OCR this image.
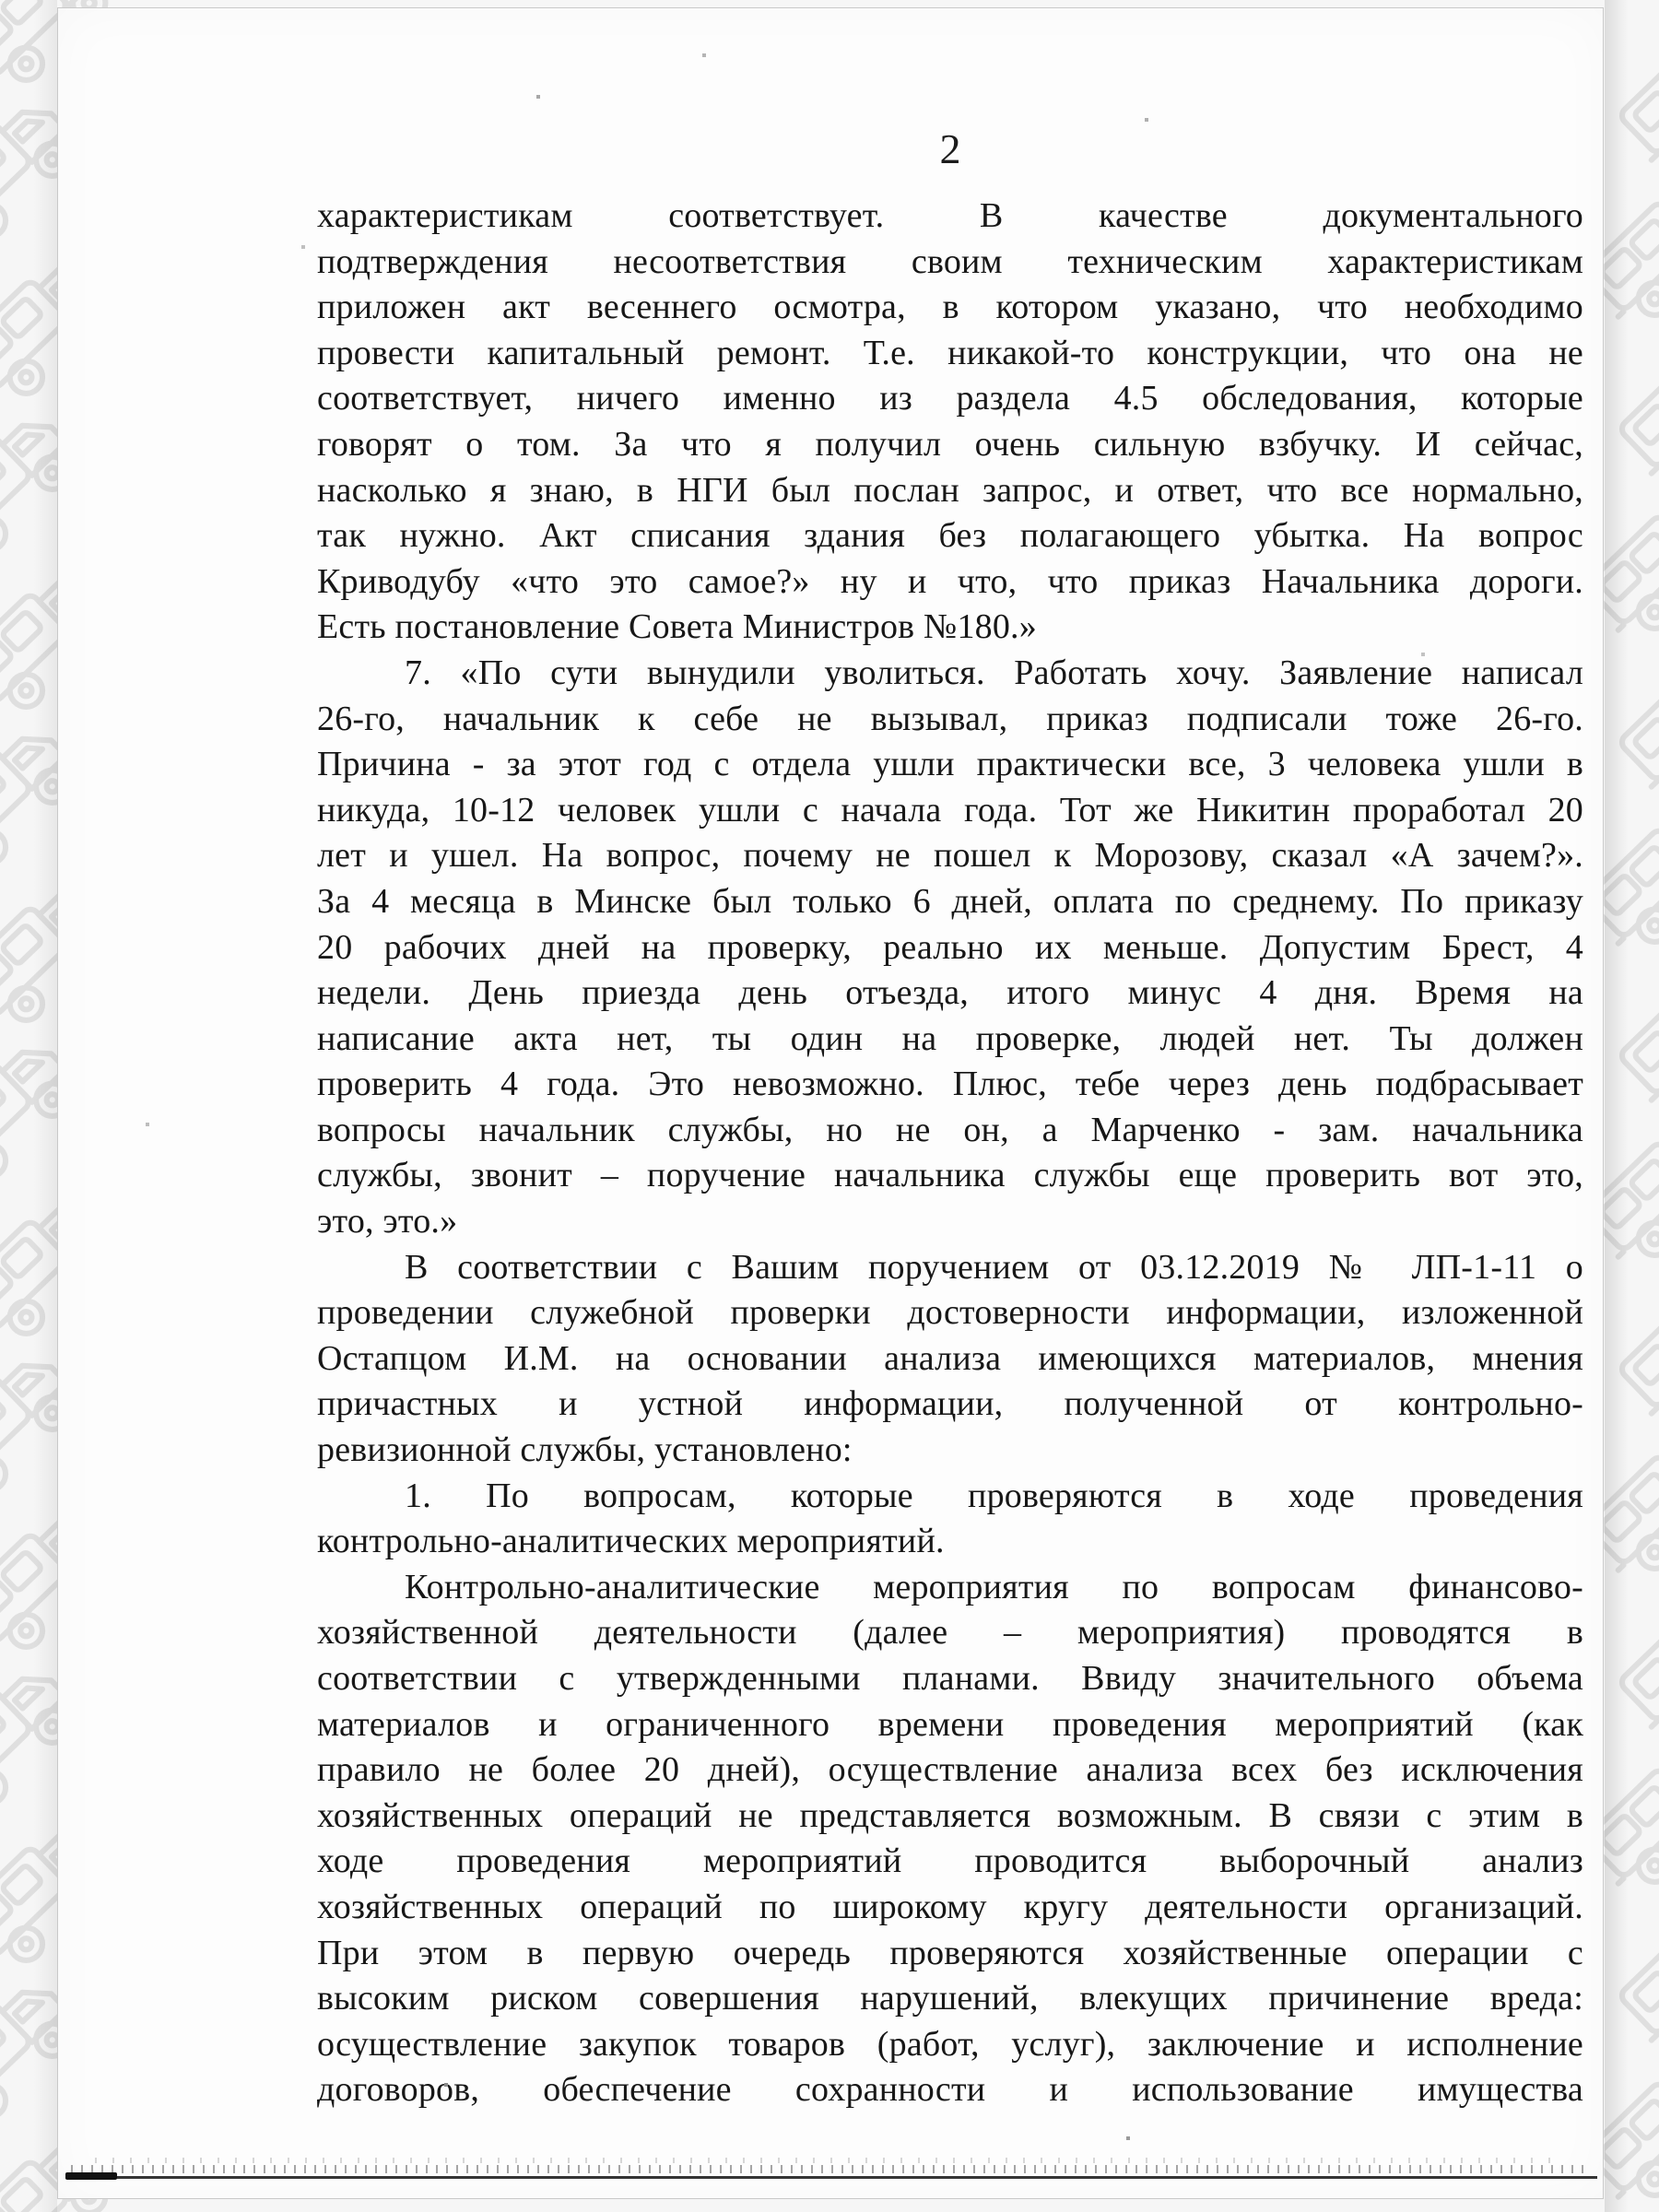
2

характеристикам соответствует. В качестве документального

подтверждения несоответствия своим техническим характеристикам

приложен акт весеннего осмотра, в котором указано, что необходимо

провести капитальный ремонт. Т.е. никакой-то конструкции, что она не

соответствует, ничего именно из раздела 4.5 обследования, которые

говорят о том. За что я получил очень сильную взбучку. И сейчас,

насколько я знаю, в НГИ был послан запрос, и ответ, что все нормально,

так нужно. Акт списания здания без полагающего убытка. На вопрос

Криводубу «что это самое?» ну и что, что приказ Начальника дороги.

Есть постановление Совета Министров №180.»

7. «По сути вынудили уволиться. Работать хочу. Заявление написал

26-го, начальник к себе не вызывал, приказ подписали тоже 26-го.

Причина - за этот год с отдела ушли практически все, 3 человека ушли в

никуда, 10-12 человек ушли с начала года. Тот же Никитин проработал 20

лет и ушел. На вопрос, почему не пошел к Морозову, сказал «А зачем?».

За 4 месяца в Минске был только 6 дней, оплата по среднему. По приказу

20 рабочих дней на проверку, реально их меньше. Допустим Брест, 4

недели. День приезда день отъезда, итого минус 4 дня. Время на

написание акта нет, ты один на проверке, людей нет. Ты должен

проверить 4 года. Это невозможно. Плюс, тебе через день подбрасывает

вопросы начальник службы, но не он, а Марченко - зам. начальника

службы, звонит – поручение начальника службы еще проверить вот это,

это, это.»

В соответствии с Вашим поручением от 03.12.2019 № ЛП-1-11 о

проведении служебной проверки достоверности информации, изложенной

Остапцом И.М. на основании анализа имеющихся материалов, мнения

причастных и устной информации, полученной от контрольно-

ревизионной службы, установлено:

1. По вопросам, которые проверяются в ходе проведения

контрольно-аналитических мероприятий.

Контрольно-аналитические мероприятия по вопросам финансово-

хозяйственной деятельности (далее – мероприятия) проводятся в

соответствии с утвержденными планами. Ввиду значительного объема

материалов и ограниченного времени проведения мероприятий (как

правило не более 20 дней), осуществление анализа всех без исключения

хозяйственных операций не представляется возможным. В связи с этим в

ходе проведения мероприятий проводится выборочный анализ

хозяйственных операций по широкому кругу деятельности организаций.

При этом в первую очередь проверяются хозяйственные операции с

высоким риском совершения нарушений, влекущих причинение вреда:

осуществление закупок товаров (работ, услуг), заключение и исполнение

договоров, обеспечение сохранности и использование имущества
